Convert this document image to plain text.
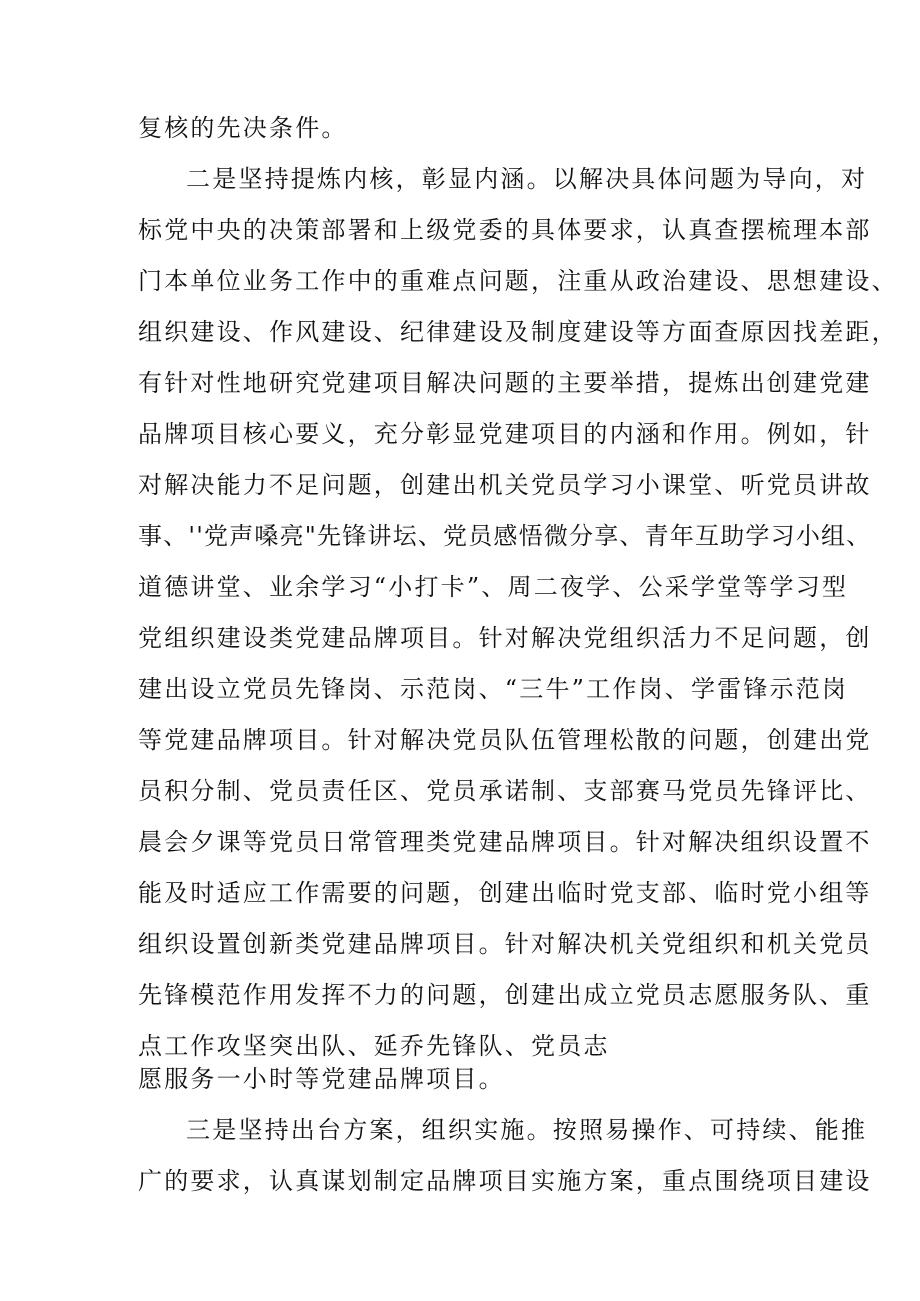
复核的先决条件。
二是坚持提炼内核，彰显内涵。以解决具体问题为导向，对
标党中央的决策部署和上级党委的具体要求，认真查摆梳理本部
门本单位业务工作中的重难点问题，注重从政治建设、思想建设、
组织建设、作风建设、纪律建设及制度建设等方面查原因找差距，
有针对性地研究党建项目解决问题的主要举措，提炼出创建党建
品牌项目核心要义，充分彰显党建项目的内涵和作用。例如，针
对解决能力不足问题，创建出机关党员学习小课堂、听党员讲故
事、''党声嗓亮"先锋讲坛、党员感悟微分享、青年互助学习小组、
道德讲堂、业余学习“小打卡”、周二夜学、公采学堂等学习型
党组织建设类党建品牌项目。针对解决党组织活力不足问题，创
建出设立党员先锋岗、示范岗、“三牛”工作岗、学雷锋示范岗
等党建品牌项目。针对解决党员队伍管理松散的问题，创建出党
员积分制、党员责任区、党员承诺制、支部赛马党员先锋评比、
晨会夕课等党员日常管理类党建品牌项目。针对解决组织设置不
能及时适应工作需要的问题，创建出临时党支部、临时党小组等
组织设置创新类党建品牌项目。针对解决机关党组织和机关党员
先锋模范作用发挥不力的问题，创建出成立党员志愿服务队、重
点工作攻坚突出队、延乔先锋队、党员志
愿服务一小时等党建品牌项目。
三是坚持出台方案，组织实施。按照易操作、可持续、能推
广的要求，认真谋划制定品牌项目实施方案，重点围绕项目建设
